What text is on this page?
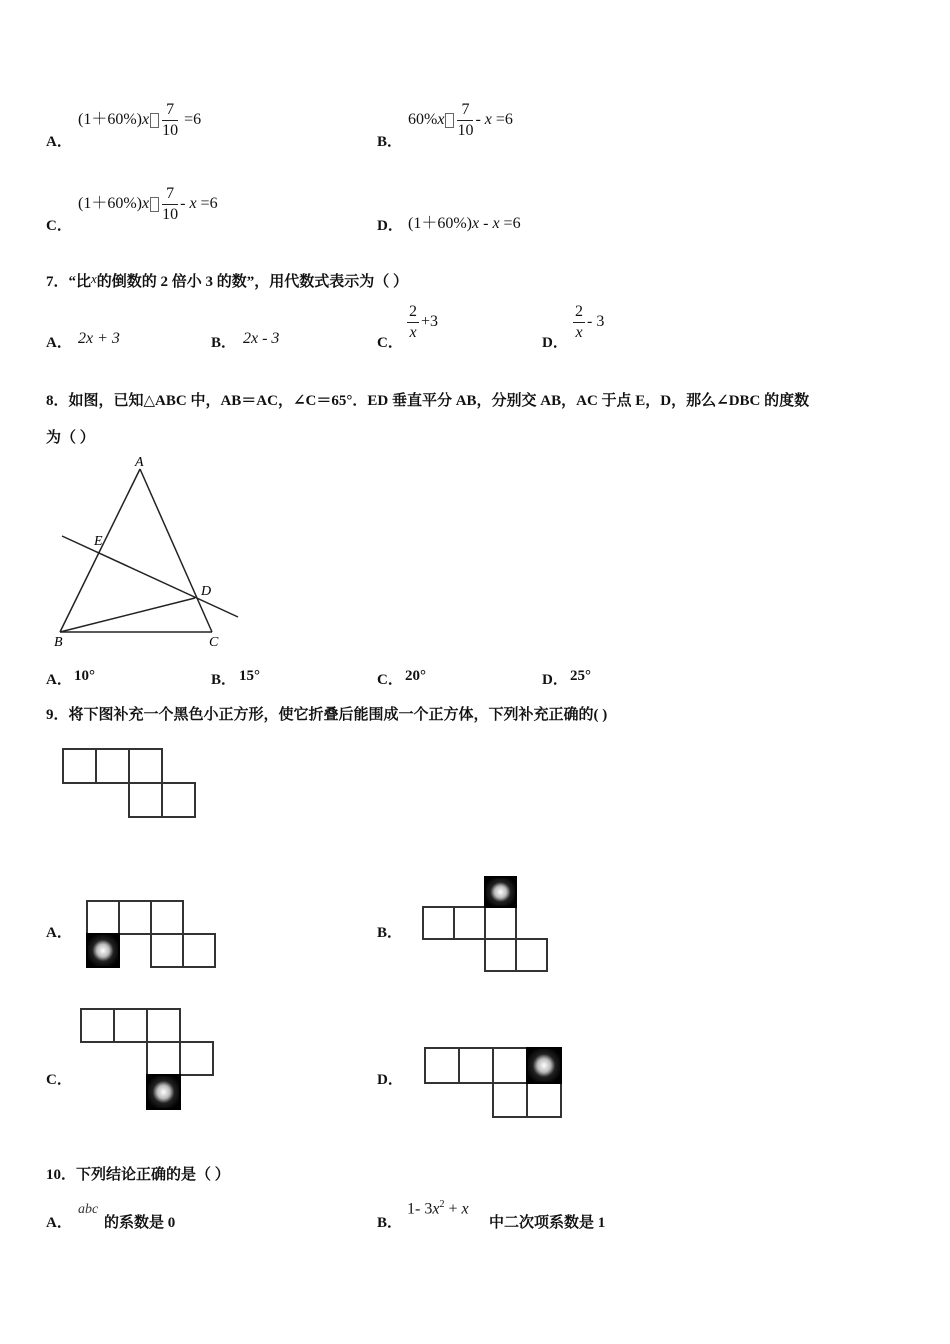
A．
$(1+60\%)x \frac{7}{10} =6$
B．
$60\%x \frac{7}{10} - x =6$
C．
$(1+60\%)x \frac{7}{10} - x =6$
D． (1＋60%)x - x =6
7．“比x的倒数的 2 倍小 3 的数”，用代数式表示为（ ）
A． 2x + 3	B． 2x - 3	C．
$\frac{2}{x} +3$
D．
$\frac{2}{x} - 3$
8．如图，已知△ABC 中，AB＝AC，∠C＝65°．ED 垂直平分 AB，分别交 AB，AC 于点 E，D，那么∠DBC 的度数
为（ ）
A
E
D
B	C
A． 10°	B． 15°	C． 20°	D． 25°
9．将下图补充一个黑色小正方形，使它折叠后能围成一个正方体，下列补充正确的( )
A．	B．
C．	D．
10．下列结论正确的是（ ）
A．
abc
的系数是 0	B．
1- $3x^2 + x$
中二次项系数是 1
